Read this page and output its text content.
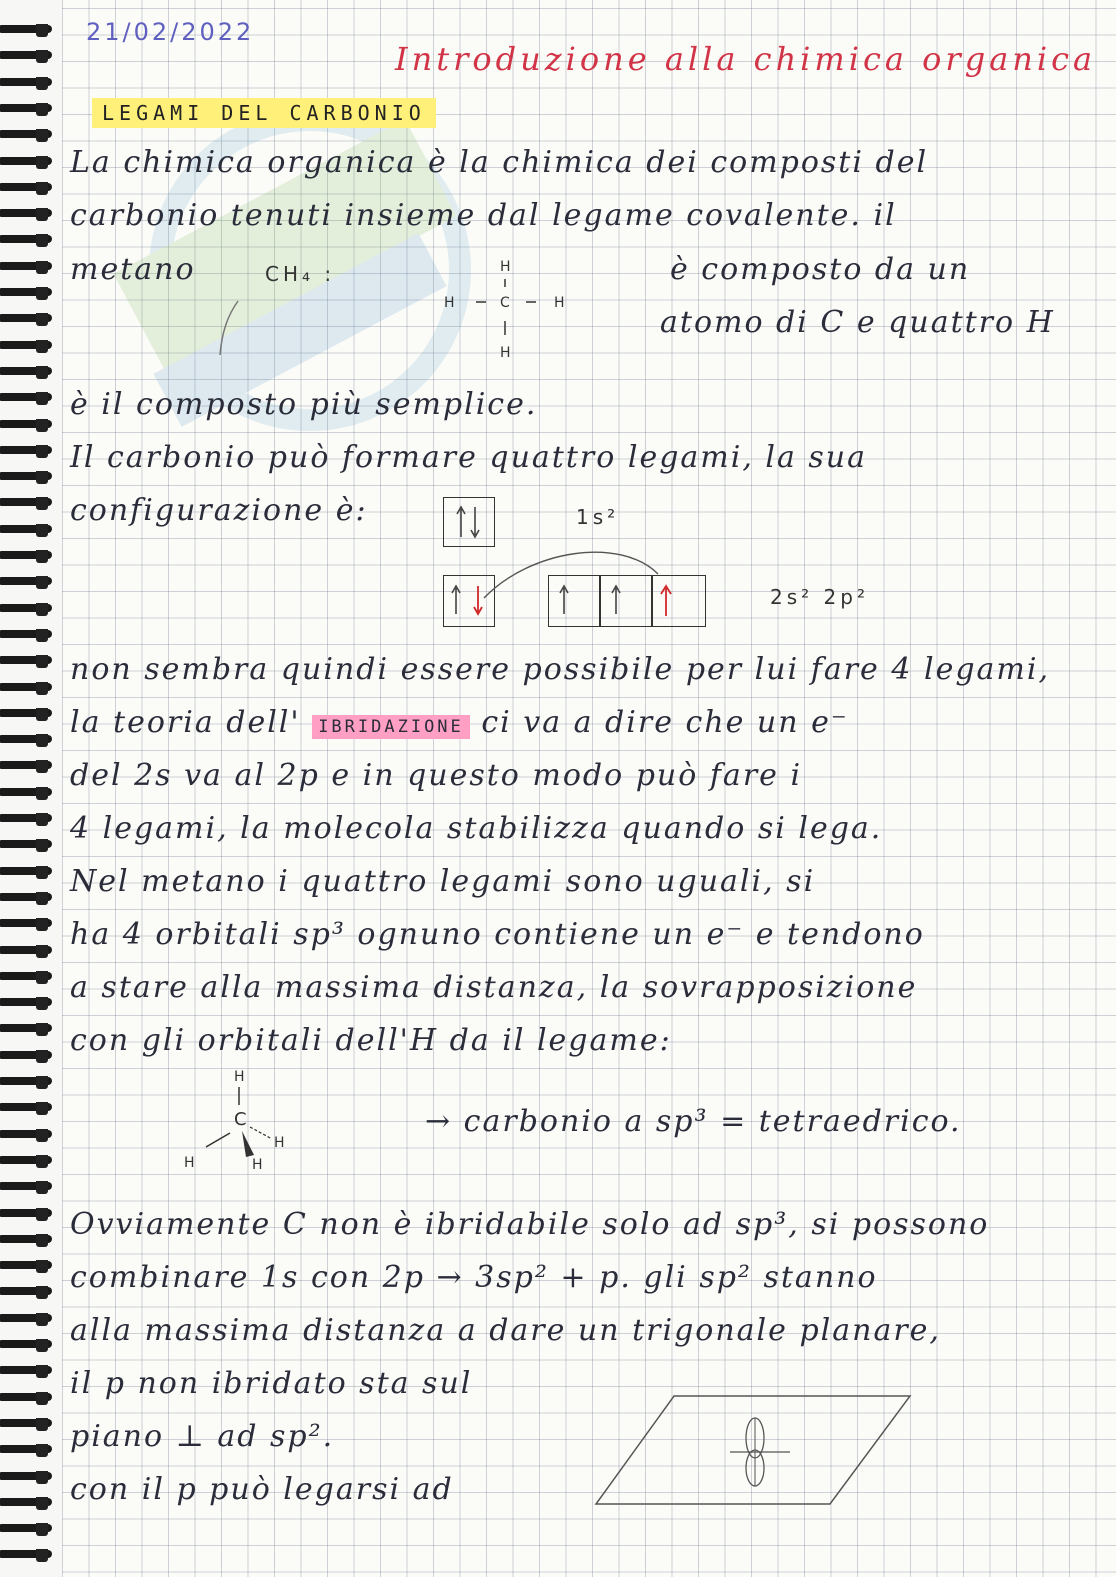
21/02/2022
Introduzione alla chimica organica
LEGAMI DEL CARBONIO
La chimica organica è la chimica dei composti del
carbonio tenuti insieme dal legame covalente. il
metano	CH₄ :	è composto da un
H
C
H	H
H
atomo di C e quattro H
è il composto più semplice.
Il carbonio può formare quattro legami, la sua
configurazione è:	1s²
2s² 2p²
non sembra quindi essere possibile per lui fare 4 legami,
la teoria dell' IBRIDAZIONE ci va a dire che un e⁻
del 2s va al 2p e in questo modo può fare i
4 legami, la molecola stabilizza quando si lega.
Nel metano i quattro legami sono uguali, si
ha 4 orbitali sp³ ognuno contiene un e⁻ e tendono
a stare alla massima distanza, la sovrapposizione
con gli orbitali dell'H da il legame:
H
C
H
H
H
→ carbonio a sp³ = tetraedrico.
Ovviamente C non è ibridabile solo ad sp³, si possono
combinare 1s con 2p → 3sp² + p. gli sp² stanno
alla massima distanza a dare un trigonale planare,
il p non ibridato sta sul
piano ⊥ ad sp².
con il p può legarsi ad
